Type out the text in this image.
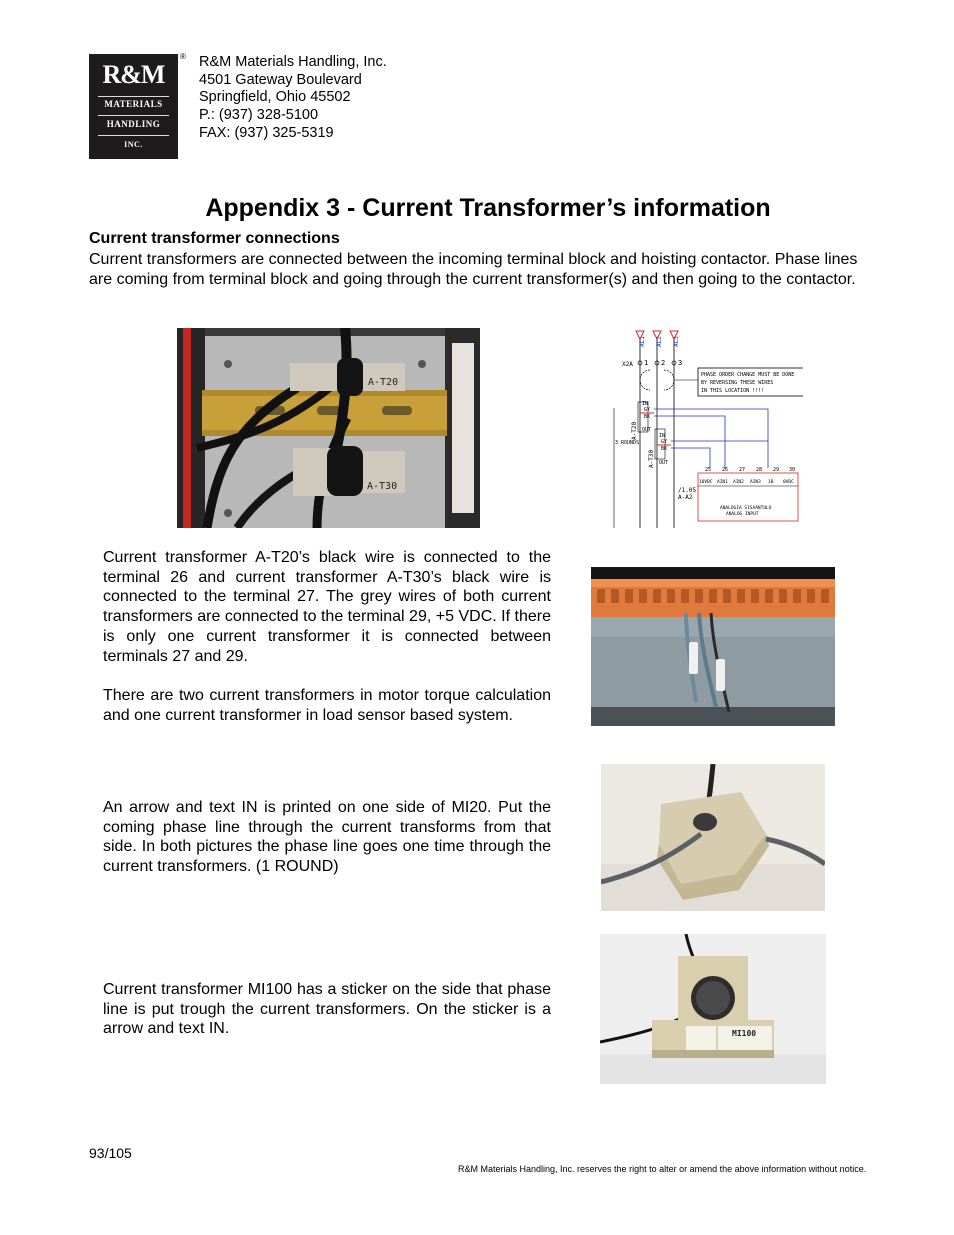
R&M
MATERIALS
HANDLING
INC.
® R&M Materials Handling, Inc.
4501 Gateway Boulevard
Springfield, Ohio 45502
P.: (937) 328-5100
FAX: (937) 325-5319
Appendix 3 - Current Transformer’s information
Current transformer connections
Current transformers are connected between the incoming terminal block and hoisting contactor. Phase lines are coming from terminal block and going through the current transformer(s) and then going to the contactor.
A-T20
A-T30
AL1 AL2 AL3
X2A 1 2 3
PHASE ORDER CHANGE MUST BE DONE
BY REVERSING THESE WIRES
IN THIS LOCATION !!!!
A-T20
A-T30
3 ROUNDS
IN
GY
BK
OUT
IN
GY
BK
OUT
25 26 27 28 29 30
10VDC AIN1 AIN2 AIN3 1B 0VDC
/1.05
A-A2
ANALOGIA SISAANTULO
ANALOG INPUT
Current transformer A-T20’s black wire is connected to the terminal 26 and current transformer A-T30’s black wire is connected to the terminal 27. The grey wires of both current transformers are connected to the terminal 29, +5 VDC. If there is only one current transformer it is connected between terminals 27 and 29.
There are two current transformers in motor torque calculation and one current transformer in load sensor based system.
An arrow and text IN is printed on one side of MI20. Put the coming phase line through the current transforms from that side. In both pictures the phase line goes one time through the current transformers. (1 ROUND)
Current transformer MI100 has a sticker on the side that phase line is put trough the current transformers. On the sticker is a arrow and text IN.	MI100
93/105
R&M Materials Handling, Inc. reserves the right to alter or amend the above information without notice.
